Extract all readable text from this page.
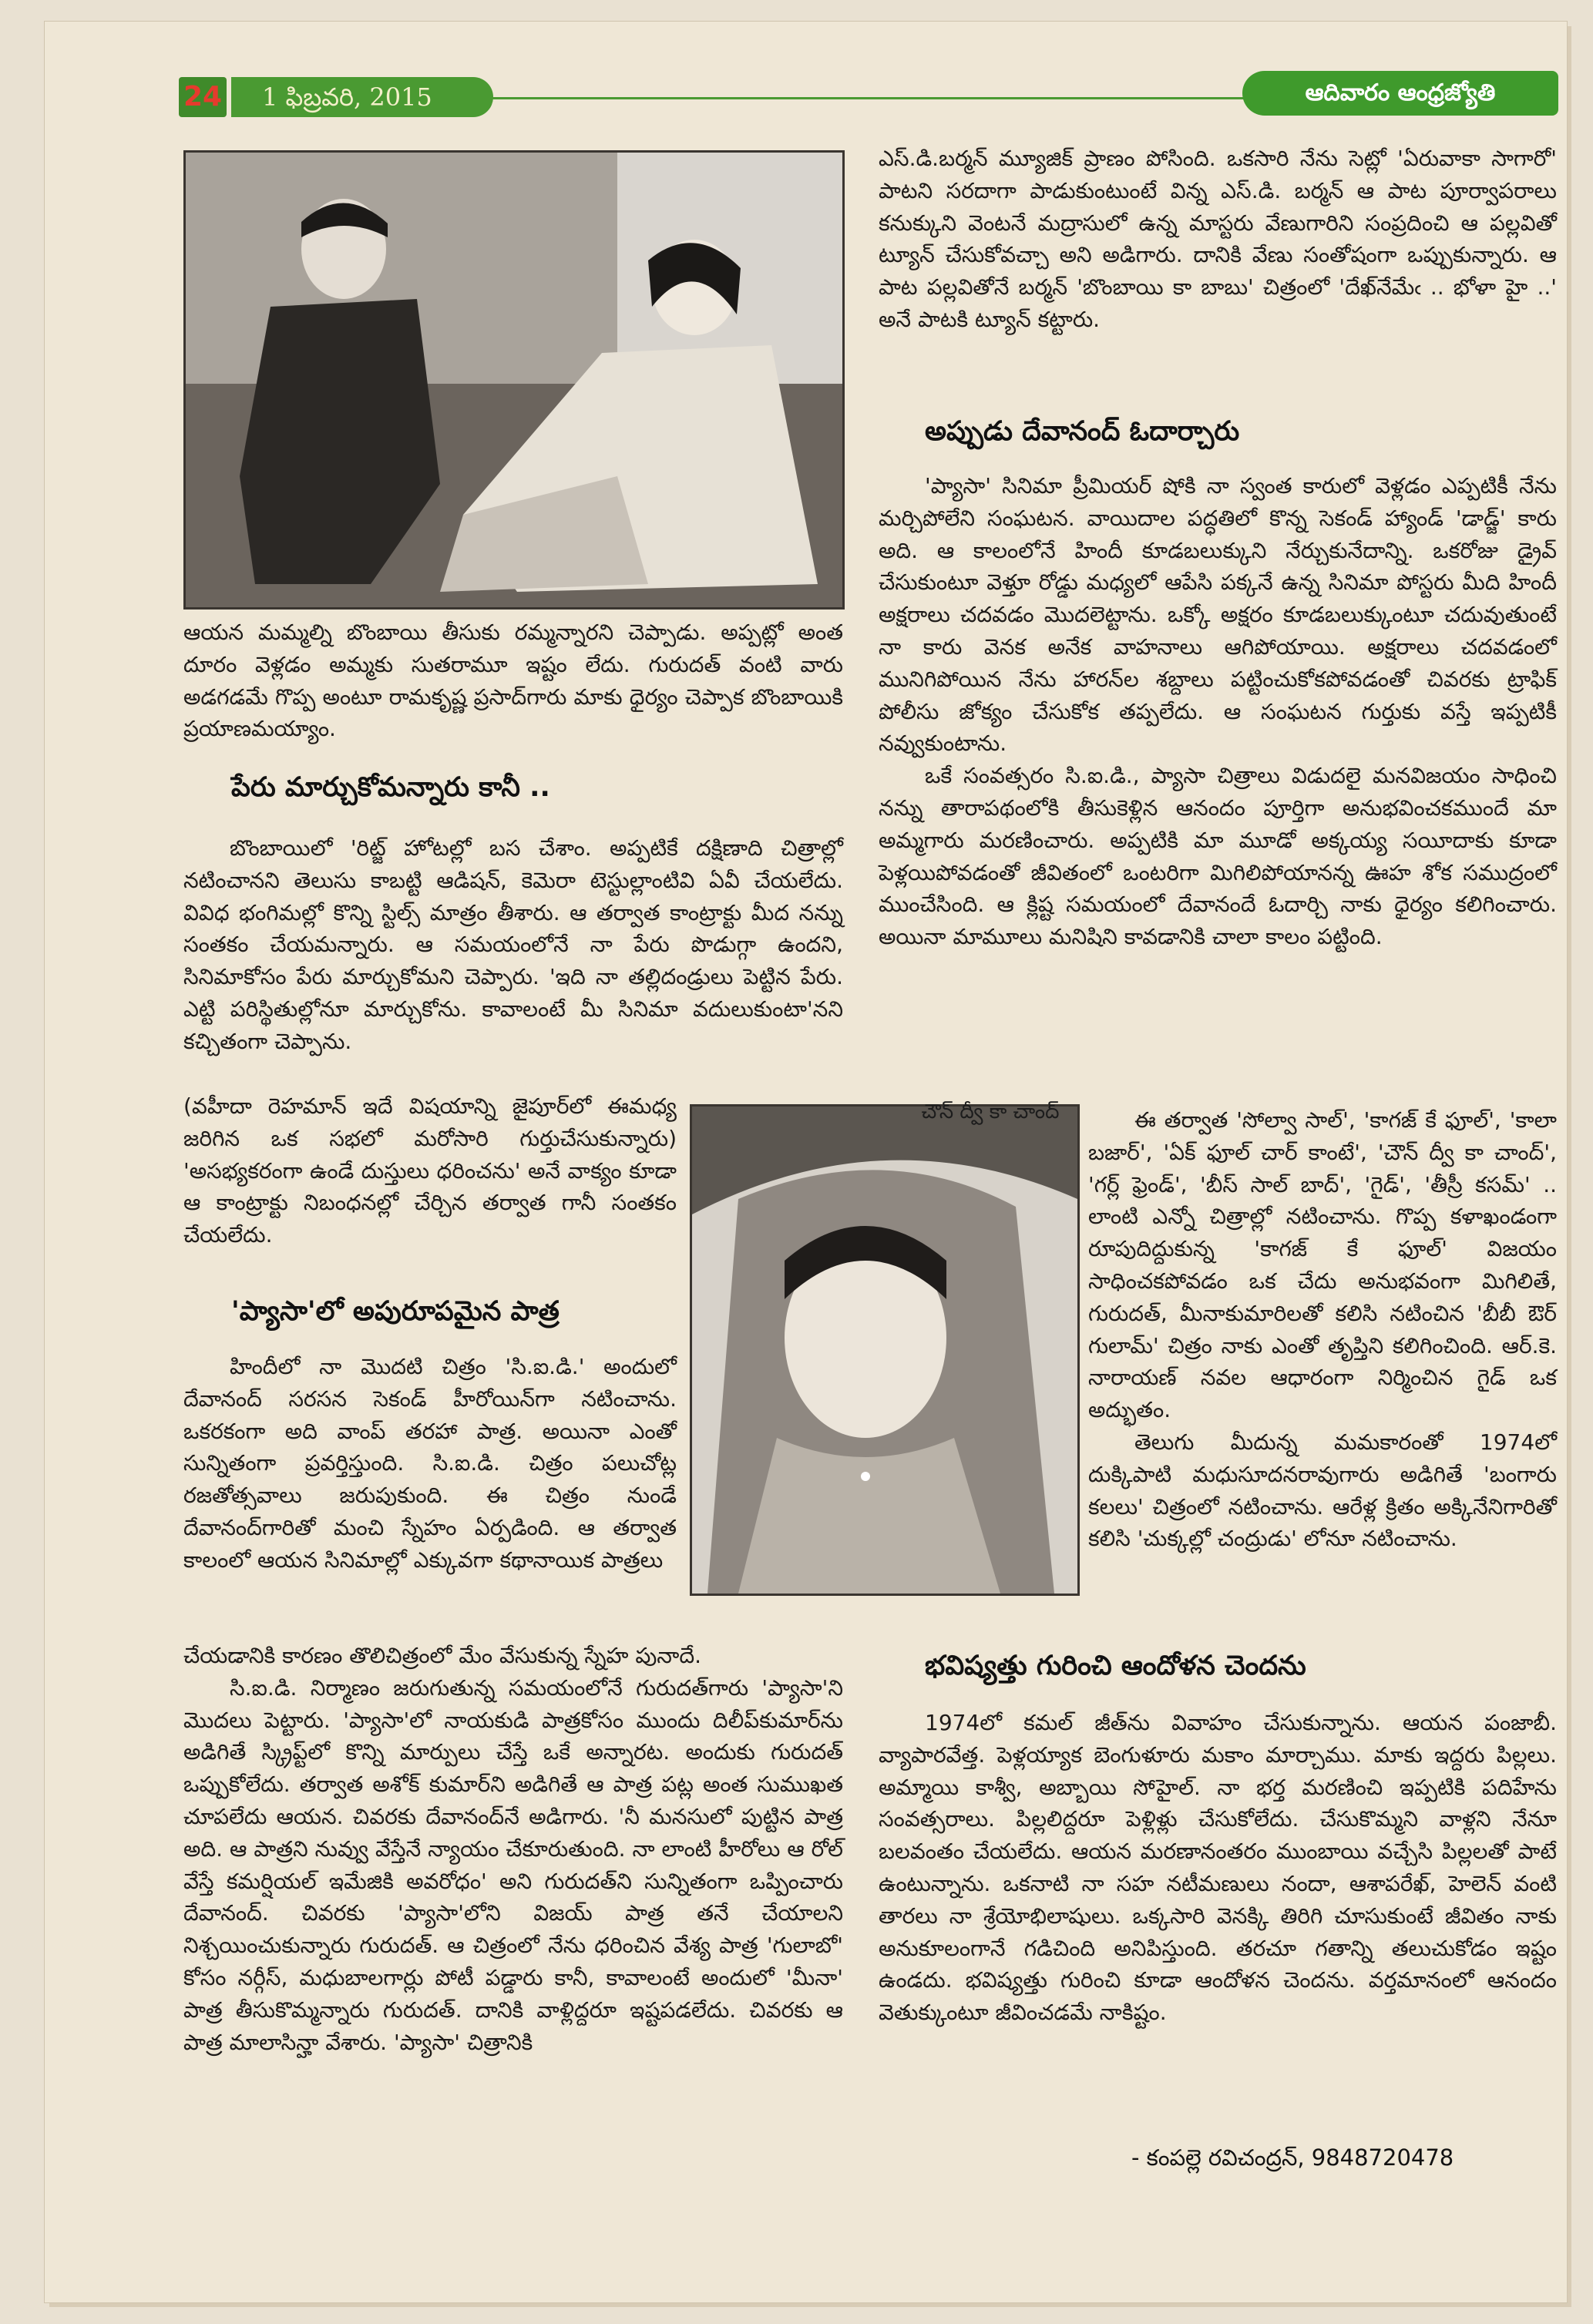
24	1 ఫిబ్రవరి, 2015	ఆదివారం ఆంధ్రజ్యోతి
చౌన్ ద్వీ కా చాంద్

ఆయన మమ్మల్ని బొంబాయి తీసుకు రమ్మన్నారని చెప్పాడు. అప్పట్లో అంత దూరం వెళ్లడం అమ్మకు సుతరామూ ఇష్టం లేదు. గురుదత్ వంటి వారు అడగడమే గొప్ప అంటూ రామకృష్ణ ప్రసాద్‌గారు మాకు ధైర్యం చెప్పాక బొంబాయికి ప్రయాణమయ్యాం.

పేరు మార్చుకోమన్నారు కానీ ..

బొంబాయిలో 'రిట్జ్ హోటల్లో బస చేశాం. అప్పటికే దక్షిణాది చిత్రాల్లో నటించానని తెలుసు కాబట్టి ఆడిషన్, కెమెరా టెస్టుల్లాంటివి ఏవీ చేయలేదు. వివిధ భంగిమల్లో కొన్ని స్టిల్స్ మాత్రం తీశారు. ఆ తర్వాత కాంట్రాక్టు మీద నన్ను సంతకం చేయమన్నారు. ఆ సమయంలోనే నా పేరు పొడుగ్గా ఉందని, సినిమాకోసం పేరు మార్చుకోమని చెప్పారు. 'ఇది నా తల్లిదండ్రులు పెట్టిన పేరు. ఎట్టి పరిస్థితుల్లోనూ మార్చుకోను. కావాలంటే మీ సినిమా వదులుకుంటా'నని కచ్చితంగా చెప్పాను.

(వహీదా రెహమాన్ ఇదే విషయాన్ని జైపూర్‌లో ఈమధ్య జరిగిన ఒక సభలో మరోసారి గుర్తుచేసుకున్నారు) 'అసభ్యకరంగా ఉండే దుస్తులు ధరించను' అనే వాక్యం కూడా ఆ కాంట్రాక్టు నిబంధనల్లో చేర్చిన తర్వాత గానీ సంతకం చేయలేదు.

'ప్యాసా'లో అపురూపమైన పాత్ర

హిందీలో నా మొదటి చిత్రం 'సి.ఐ.డి.' అందులో దేవానంద్ సరసన సెకండ్ హీరోయిన్‌గా నటించాను. ఒకరకంగా అది వాంప్ తరహా పాత్ర. అయినా ఎంతో సున్నితంగా ప్రవర్తిస్తుంది. సి.ఐ.డి. చిత్రం పలుచోట్ల రజతోత్సవాలు జరుపుకుంది. ఈ చిత్రం నుండే దేవానంద్‌గారితో మంచి స్నేహం ఏర్పడింది. ఆ తర్వాత కాలంలో ఆయన సినిమాల్లో ఎక్కువగా కథానాయిక పాత్రలు

చేయడానికి కారణం తొలిచిత్రంలో మేం వేసుకున్న స్నేహ పునాదే.

సి.ఐ.డి. నిర్మాణం జరుగుతున్న సమయంలోనే గురుదత్‌గారు 'ప్యాసా'ని మొదలు పెట్టారు. 'ప్యాసా'లో నాయకుడి పాత్రకోసం ముందు దిలీప్‌కుమార్‌ను అడిగితే స్క్రిప్ట్‌లో కొన్ని మార్పులు చేస్తే ఒకే అన్నారట. అందుకు గురుదత్ ఒప్పుకోలేదు. తర్వాత అశోక్ కుమార్‌ని అడిగితే ఆ పాత్ర పట్ల అంత సుముఖత చూపలేదు ఆయన. చివరకు దేవానంద్‌నే అడిగారు. 'నీ మనసులో పుట్టిన పాత్ర అది. ఆ పాత్రని నువ్వు వేస్తేనే న్యాయం చేకూరుతుంది. నా లాంటి హీరోలు ఆ రోల్ వేస్తే కమర్షియల్ ఇమేజికి అవరోధం' అని గురుదత్‌ని సున్నితంగా ఒప్పించారు దేవానంద్. చివరకు 'ప్యాసా'లోని విజయ్ పాత్ర తనే చేయాలని నిశ్చయించుకున్నారు గురుదత్. ఆ చిత్రంలో నేను ధరించిన వేశ్య పాత్ర 'గులాబో' కోసం నర్గీస్, మధుబాలగార్లు పోటీ పడ్డారు కానీ, కావాలంటే అందులో 'మీనా' పాత్ర తీసుకొమ్మన్నారు గురుదత్. దానికి వాళ్లిద్దరూ ఇష్టపడలేదు. చివరకు ఆ పాత్ర మాలాసిన్హా వేశారు. 'ప్యాసా' చిత్రానికి

ఎస్.డి.బర్మన్ మ్యూజిక్ ప్రాణం పోసింది. ఒకసారి నేను సెట్లో 'ఏరువాకా సాగారో' పాటని సరదాగా పాడుకుంటుంటే విన్న ఎస్.డి. బర్మన్ ఆ పాట పూర్వాపరాలు కనుక్కుని వెంటనే మద్రాసులో ఉన్న మాస్టరు వేణుగారిని సంప్రదించి ఆ పల్లవితో ట్యూన్ చేసుకోవచ్చా అని అడిగారు. దానికి వేణు సంతోషంగా ఒప్పుకున్నారు. ఆ పాట పల్లవితోనే బర్మన్ 'బొంబాయి కా బాబు' చిత్రంలో 'దేఖ్‌నేమేఁ .. భోళా హై ..' అనే పాటకి ట్యూన్ కట్టారు.

అప్పుడు దేవానంద్ ఓదార్చారు

'ప్యాసా' సినిమా ప్రీమియర్ షోకి నా స్వంత కారులో వెళ్లడం ఎప్పటికీ నేను మర్చిపోలేని సంఘటన. వాయిదాల పద్ధతిలో కొన్న సెకండ్ హ్యాండ్ 'డాడ్జ్' కారు అది. ఆ కాలంలోనే హిందీ కూడబలుక్కుని నేర్చుకునేదాన్ని. ఒకరోజు డ్రైవ్ చేసుకుంటూ వెళ్తూ రోడ్డు మధ్యలో ఆపేసి పక్కనే ఉన్న సినిమా పోస్టరు మీది హిందీ అక్షరాలు చదవడం మొదలెట్టాను. ఒక్కో అక్షరం కూడబలుక్కుంటూ చదువుతుంటే నా కారు వెనక అనేక వాహనాలు ఆగిపోయాయి. అక్షరాలు చదవడంలో మునిగిపోయిన నేను హారన్‌ల శబ్దాలు పట్టించుకోకపోవడంతో చివరకు ట్రాఫిక్ పోలీసు జోక్యం చేసుకోక తప్పలేదు. ఆ సంఘటన గుర్తుకు వస్తే ఇప్పటికీ నవ్వుకుంటాను.

ఒకే సంవత్సరం సి.ఐ.డి., ప్యాసా చిత్రాలు విడుదలై మనవిజయం సాధించి నన్ను తారాపథంలోకి తీసుకెళ్లిన ఆనందం పూర్తిగా అనుభవించకముందే మా అమ్మగారు మరణించారు. అప్పటికి మా మూడో అక్కయ్య సయీదాకు కూడా పెళ్లయిపోవడంతో జీవితంలో ఒంటరిగా మిగిలిపోయానన్న ఊహ శోక సముద్రంలో ముంచేసింది. ఆ క్లిష్ట సమయంలో దేవానందే ఓదార్చి నాకు ధైర్యం కలిగించారు. అయినా మామూలు మనిషిని కావడానికి చాలా కాలం పట్టింది.

ఈ తర్వాత 'సోల్వా సాల్', 'కాగజ్ కే ఫూల్', 'కాలా బజార్', 'ఏక్ ఫూల్ చార్ కాంటే', 'చౌన్ ద్వీ కా చాంద్', 'గర్ల్ ఫ్రెండ్', 'బీస్ సాల్ బాద్', 'గైడ్', 'తీస్రీ కసమ్' .. లాంటి ఎన్నో చిత్రాల్లో నటించాను. గొప్ప కళాఖండంగా రూపుదిద్దుకున్న 'కాగజ్ కే ఫూల్' విజయం సాధించకపోవడం ఒక చేదు అనుభవంగా మిగిలితే, గురుదత్, మీనాకుమారిలతో కలిసి నటించిన 'బీబీ ఔర్ గులామ్' చిత్రం నాకు ఎంతో తృప్తిని కలిగించింది. ఆర్.కె. నారాయణ్ నవల ఆధారంగా నిర్మించిన గైడ్ ఒక అద్భుతం.

తెలుగు మీదున్న మమకారంతో 1974లో దుక్కిపాటి మధుసూదనరావుగారు అడిగితే 'బంగారు కలలు' చిత్రంలో నటించాను. ఆరేళ్ల క్రితం అక్కినేనిగారితో కలిసి 'చుక్కల్లో చంద్రుడు' లోనూ నటించాను.

భవిష్యత్తు గురించి ఆందోళన చెందను

1974లో కమల్ జీత్‌ను వివాహం చేసుకున్నాను. ఆయన పంజాబీ. వ్యాపారవేత్త. పెళ్లయ్యాక బెంగుళూరు మకాం మార్చాము. మాకు ఇద్దరు పిల్లలు. అమ్మాయి కాశ్వీ, అబ్బాయి సోహైల్. నా భర్త మరణించి ఇప్పటికి పదిహేను సంవత్సరాలు. పిల్లలిద్దరూ పెళ్లిళ్లు చేసుకోలేదు. చేసుకొమ్మని వాళ్లని నేనూ బలవంతం చేయలేదు. ఆయన మరణానంతరం ముంబాయి వచ్చేసి పిల్లలతో పాటే ఉంటున్నాను. ఒకనాటి నా సహ నటీమణులు నందా, ఆశాపరేఖ్, హెలెన్ వంటి తారలు నా శ్రేయోభిలాషులు. ఒక్కసారి వెనక్కి తిరిగి చూసుకుంటే జీవితం నాకు అనుకూలంగానే గడిచింది అనిపిస్తుంది. తరచూ గతాన్ని తలుచుకోడం ఇష్టం ఉండదు. భవిష్యత్తు గురించి కూడా ఆందోళన చెందను. వర్తమానంలో ఆనందం వెతుక్కుంటూ జీవించడమే నాకిష్టం.

- కంపల్లె రవిచంద్రన్, 9848720478
